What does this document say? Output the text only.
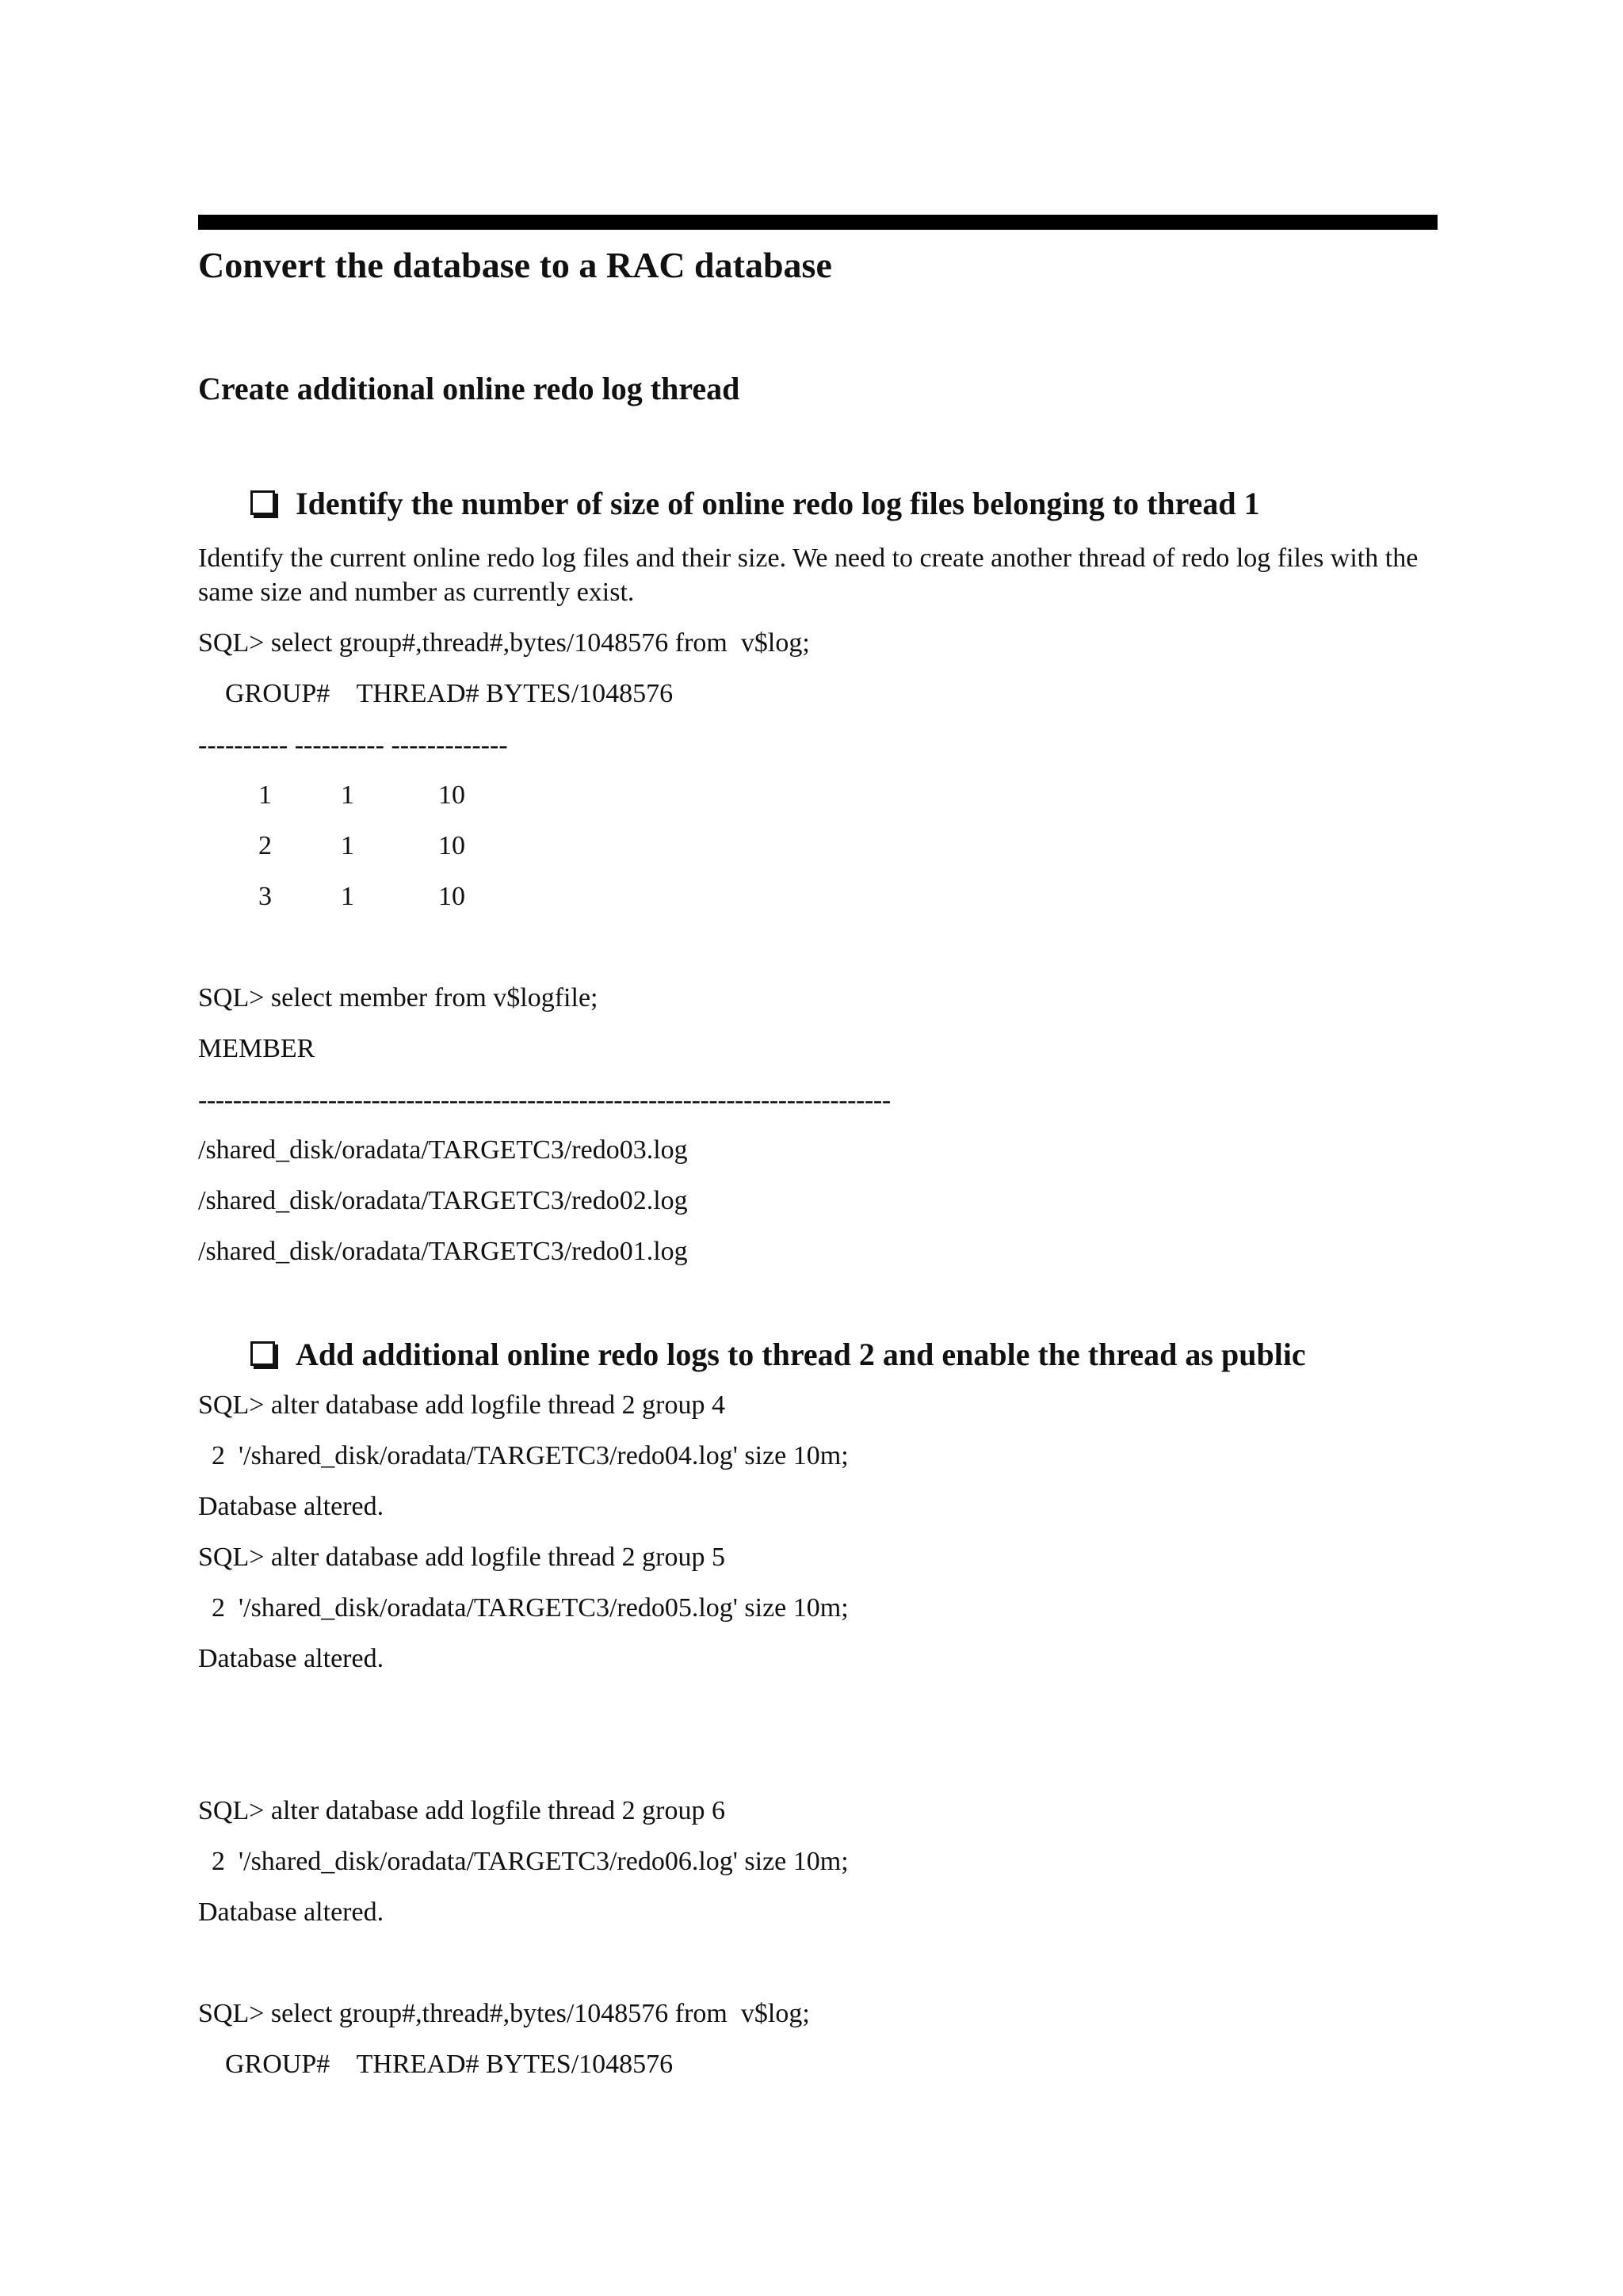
Convert the database to a RAC database
Create additional online redo log thread
Identify the number of size of online redo log files belonging to thread 1
Identify the current online redo log files and their size. We need to create another thread of redo log files with the same size and number as currently exist.
SQL> select group#,thread#,bytes/1048576 from  v$log;
GROUP#    THREAD# BYTES/1048576
---------- ---------- -------------
1	1	10
2	1	10
3	1	10
SQL> select member from v$logfile;
MEMBER
--------------------------------------------------------------------------------
/shared_disk/oradata/TARGETC3/redo03.log
/shared_disk/oradata/TARGETC3/redo02.log
/shared_disk/oradata/TARGETC3/redo01.log
Add additional online redo logs to thread 2 and enable the thread as public
SQL> alter database add logfile thread 2 group 4
2  '/shared_disk/oradata/TARGETC3/redo04.log' size 10m;
Database altered.
SQL> alter database add logfile thread 2 group 5
2  '/shared_disk/oradata/TARGETC3/redo05.log' size 10m;
Database altered.
SQL> alter database add logfile thread 2 group 6
2  '/shared_disk/oradata/TARGETC3/redo06.log' size 10m;
Database altered.
SQL> select group#,thread#,bytes/1048576 from  v$log;
GROUP#    THREAD# BYTES/1048576
